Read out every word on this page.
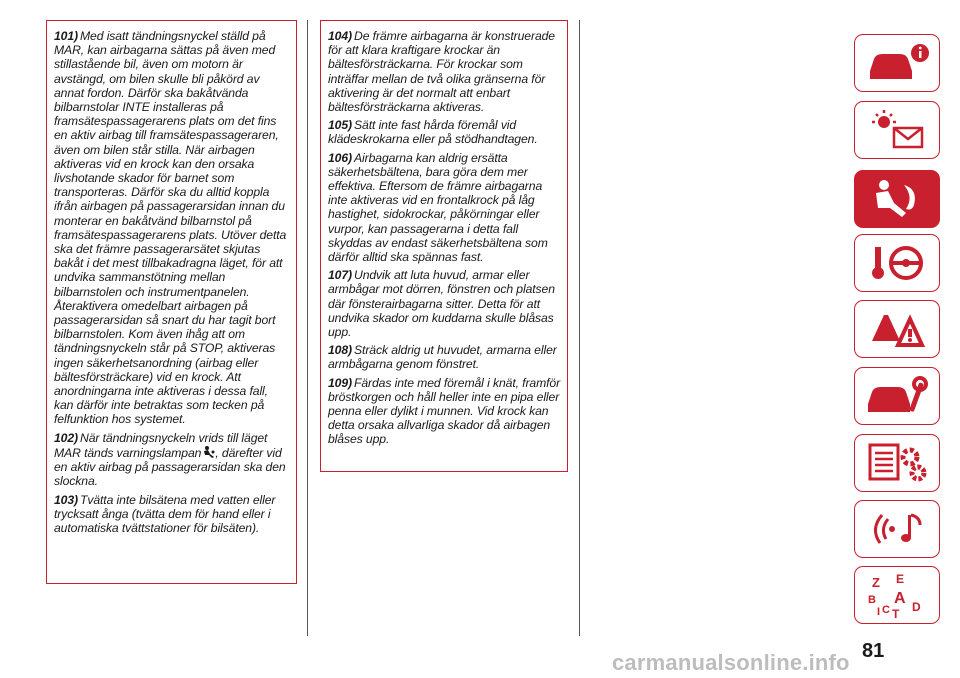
101) Med isatt tändningsnyckel ställd på MAR, kan airbagarna sättas på även med stillastående bil, även om motorn är avstängd, om bilen skulle bli påkörd av annat fordon. Därför ska bakåtvända bilbarnstolar INTE installeras på framsätespassagerarens plats om det fins en aktiv airbag till framsätespassageraren, även om bilen står stilla. När airbagen aktiveras vid en krock kan den orsaka livshotande skador för barnet som transporteras. Därför ska du alltid koppla ifrån airbagen på passagerarsidan innan du monterar en bakåtvänd bilbarnstol på framsätespassagerarens plats. Utöver detta ska det främre passagerarsätet skjutas bakåt i det mest tillbakadragna läget, för att undvika sammanstötning mellan bilbarnstolen och instrumentpanelen. Återaktivera omedelbart airbagen på passagerarsidan så snart du har tagit bort bilbarnstolen. Kom även ihåg att om tändningsnyckeln står på STOP, aktiveras ingen säkerhetsanordning (airbag eller bältesförsträckare) vid en krock. Att anordningarna inte aktiveras i dessa fall, kan därför inte betraktas som tecken på felfunktion hos systemet.

102) När tändningsnyckeln vrids till läget MAR tänds varningslampan , därefter vid en aktiv airbag på passagerarsidan ska den slockna.

103) Tvätta inte bilsätena med vatten eller trycksatt ånga (tvätta dem för hand eller i automatiska tvättstationer för bilsäten).

104) De främre airbagarna är konstruerade för att klara kraftigare krockar än bältesförsträckarna. För krockar som inträffar mellan de två olika gränserna för aktivering är det normalt att enbart bältesförsträckarna aktiveras.

105) Sätt inte fast hårda föremål vid klädeskrokarna eller på stödhandtagen.

106) Airbagarna kan aldrig ersätta säkerhetsbältena, bara göra dem mer effektiva. Eftersom de främre airbagarna inte aktiveras vid en frontalkrock på låg hastighet, sidokrockar, påkörningar eller vurpor, kan passagerarna i detta fall skyddas av endast säkerhetsbältena som därför alltid ska spännas fast.

107) Undvik att luta huvud, armar eller armbågar mot dörren, fönstren och platsen där fönsterairbagarna sitter. Detta för att undvika skador om kuddarna skulle blåsas upp.

108) Sträck aldrig ut huvudet, armarna eller armbågarna genom fönstret.

109) Färdas inte med föremål i knät, framför bröstkorgen och håll heller inte en pipa eller penna eller dylikt i munnen. Vid krock kan detta orsaka allvarliga skador då airbagen blåses upp.

Z E
B A
C D
T
I
81
carmanualsonline.info
